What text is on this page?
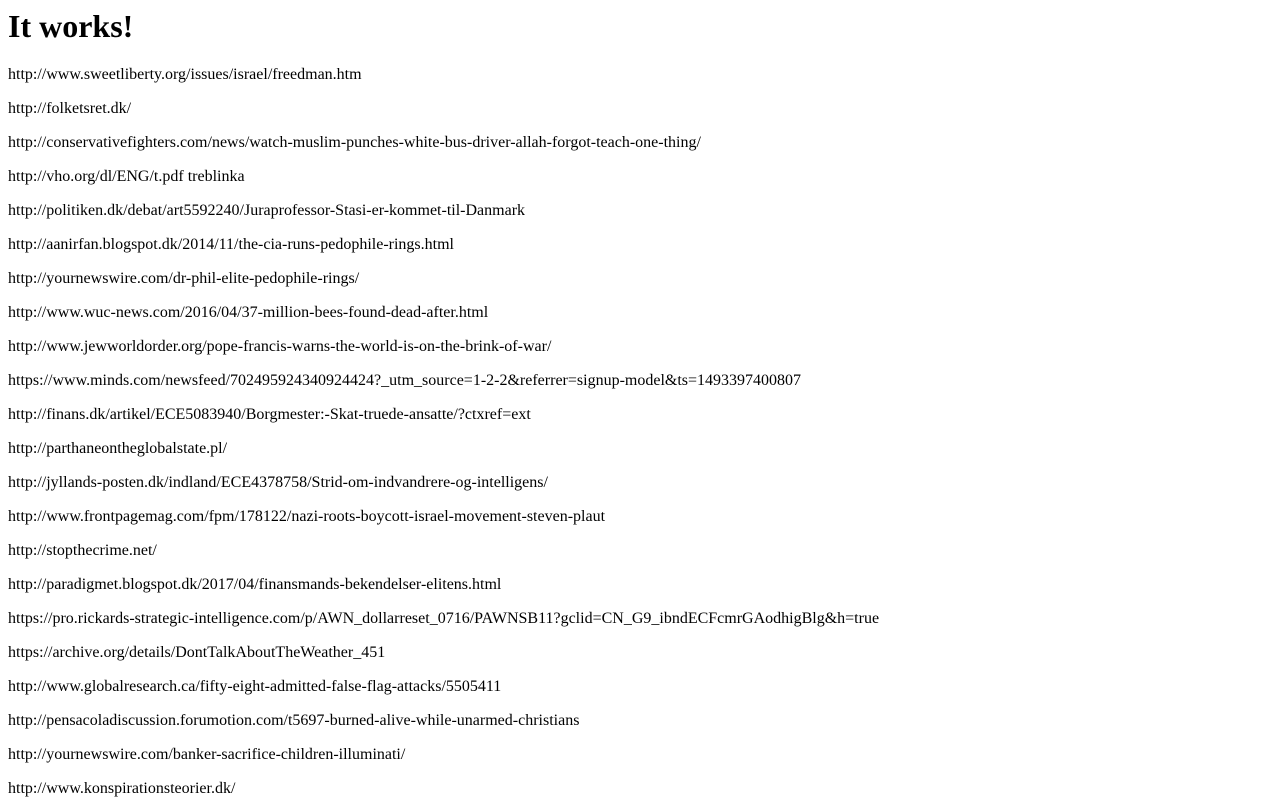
It works!

http://www.sweetliberty.org/issues/israel/freedman.htm

http://folketsret.dk/

http://conservativefighters.com/news/watch-muslim-punches-white-bus-driver-allah-forgot-teach-one-thing/

http://vho.org/dl/ENG/t.pdf treblinka

http://politiken.dk/debat/art5592240/Juraprofessor-Stasi-er-kommet-til-Danmark

http://aanirfan.blogspot.dk/2014/11/the-cia-runs-pedophile-rings.html

http://yournewswire.com/dr-phil-elite-pedophile-rings/

http://www.wuc-news.com/2016/04/37-million-bees-found-dead-after.html

http://www.jewworldorder.org/pope-francis-warns-the-world-is-on-the-brink-of-war/

https://www.minds.com/newsfeed/702495924340924424?_utm_source=1-2-2&referrer=signup-model&ts=1493397400807

http://finans.dk/artikel/ECE5083940/Borgmester:-Skat-truede-ansatte/?ctxref=ext

http://parthaneontheglobalstate.pl/

http://jyllands-posten.dk/indland/ECE4378758/Strid-om-indvandrere-og-intelligens/

http://www.frontpagemag.com/fpm/178122/nazi-roots-boycott-israel-movement-steven-plaut

http://stopthecrime.net/

http://paradigmet.blogspot.dk/2017/04/finansmands-bekendelser-elitens.html

https://pro.rickards-strategic-intelligence.com/p/AWN_dollarreset_0716/PAWNSB11?gclid=CN_G9_ibndECFcmrGAodhigBlg&h=true

https://archive.org/details/DontTalkAboutTheWeather_451

http://www.globalresearch.ca/fifty-eight-admitted-false-flag-attacks/5505411

http://pensacoladiscussion.forumotion.com/t5697-burned-alive-while-unarmed-christians

http://yournewswire.com/banker-sacrifice-children-illuminati/

http://www.konspirationsteorier.dk/
